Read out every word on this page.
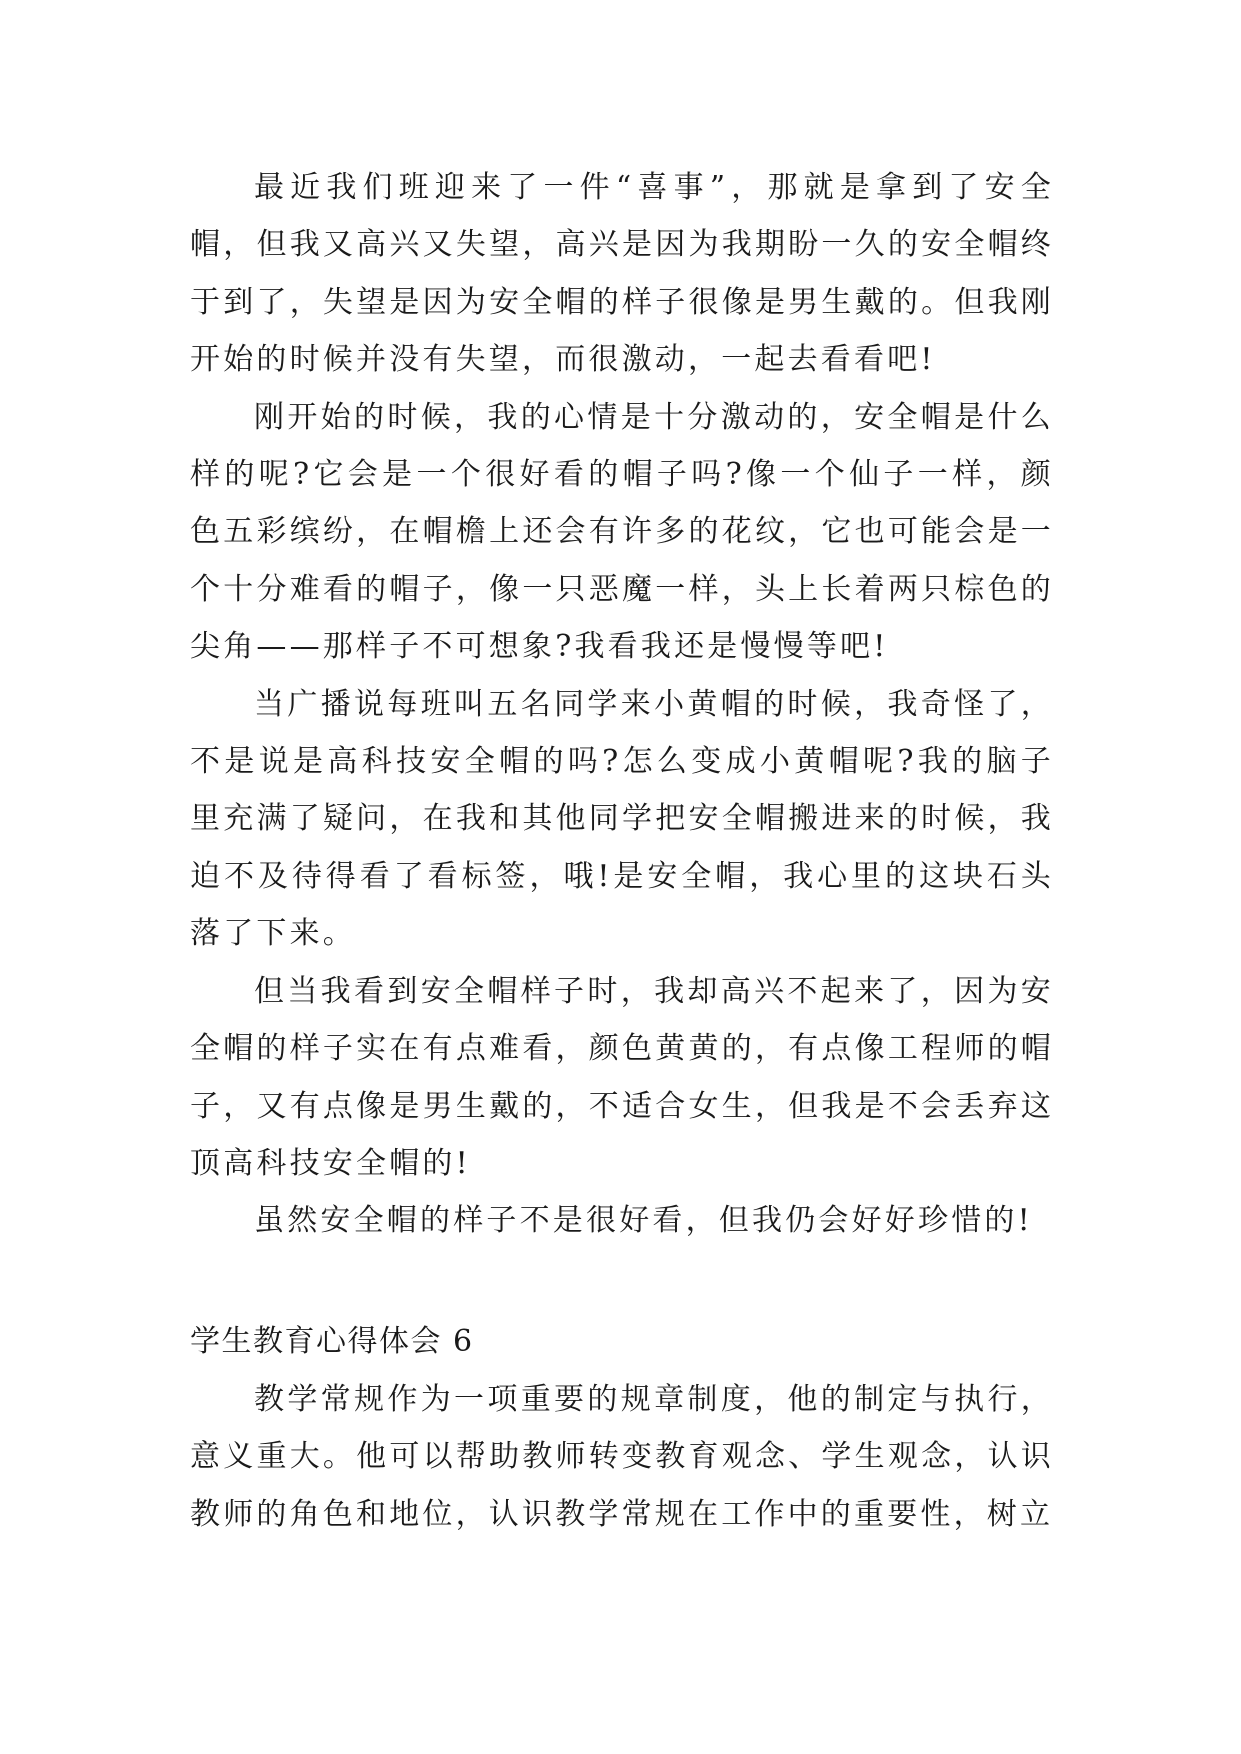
最近我们班迎来了一件“喜事”，那就是拿到了安全帽，但我又高兴又失望，高兴是因为我期盼一久的安全帽终于到了，失望是因为安全帽的样子很像是男生戴的。但我刚开始的时候并没有失望，而很激动，一起去看看吧!

刚开始的时候，我的心情是十分激动的，安全帽是什么样的呢?它会是一个很好看的帽子吗?像一个仙子一样，颜色五彩缤纷，在帽檐上还会有许多的花纹，它也可能会是一个十分难看的帽子，像一只恶魔一样，头上长着两只棕色的尖角——那样子不可想象?我看我还是慢慢等吧!

当广播说每班叫五名同学来小黄帽的时候，我奇怪了，不是说是高科技安全帽的吗?怎么变成小黄帽呢?我的脑子里充满了疑问，在我和其他同学把安全帽搬进来的时候，我迫不及待得看了看标签，哦!是安全帽，我心里的这块石头落了下来。

但当我看到安全帽样子时，我却高兴不起来了，因为安全帽的样子实在有点难看，颜色黄黄的，有点像工程师的帽子，又有点像是男生戴的，不适合女生，但我是不会丢弃这顶高科技安全帽的!

虽然安全帽的样子不是很好看，但我仍会好好珍惜的!

学生教育心得体会 6

教学常规作为一项重要的规章制度，他的制定与执行，意义重大。他可以帮助教师转变教育观念、学生观念，认识教师的角色和地位，认识教学常规在工作中的重要性，树立
